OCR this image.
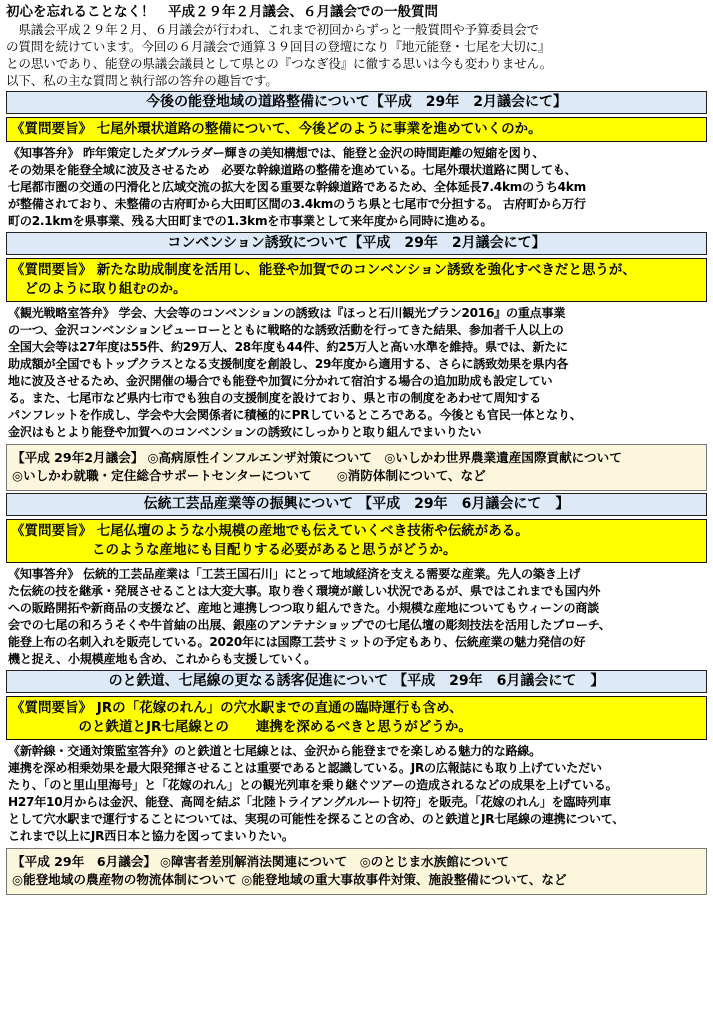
初心を忘れることなく！　平成２９年２月議会、６月議会での一般質問
　県議会平成２９年２月、６月議会が行われ、これまで初回からずっと一般質問や予算委員会で
の質問を続けています。今回の６月議会で通算３９回目の登壇になり『地元能登・七尾を大切に』
との思いであり、能登の県議会議員として県との『つなぎ役』に徹する思いは今も変わりません。
以下、私の主な質問と執行部の答弁の趣旨です。
今後の能登地域の道路整備について【平成　29年　2月議会にて】
《質問要旨》 七尾外環状道路の整備について、今後どのように事業を進めていくのか。
《知事答弁》 昨年策定したダブルラダー輝きの美知構想では、能登と金沢の時間距離の短縮を図り、
その効果を能登全域に波及させるため　必要な幹線道路の整備を進めている。七尾外環状道路に関しても、
七尾都市圏の交通の円滑化と広域交流の拡大を図る重要な幹線道路であるため、全体延長7.4kmのうち4km
が整備されており、未整備の古府町から大田町区間の3.4kmのうち県と七尾市で分担する。 古府町から万行
町の2.1kmを県事業、残る大田町までの1.3kmを市事業として来年度から同時に進める。
コンベンション誘致について【平成　29年　2月議会にて】
《質問要旨》 新たな助成制度を活用し、能登や加賀でのコンベンション誘致を強化すべきだと思うが、
　どのように取り組むのか。
《観光戦略室答弁》 学会、大会等のコンベンションの誘致は『ほっと石川観光プラン2016』の重点事業
の一つ、金沢コンベンションビューローとともに戦略的な誘致活動を行ってきた結果、参加者千人以上の
全国大会等は27年度は55件、約29万人、28年度も44件、約25万人と高い水準を維持。県では、新たに
助成額が全国でもトップクラスとなる支援制度を創設し、29年度から適用する、さらに誘致効果を県内各
地に波及させるため、金沢開催の場合でも能登や加賀に分かれて宿泊する場合の追加助成も設定してい
る。また、七尾市など県内七市でも独自の支援制度を設けており、県と市の制度をあわせて周知する
パンフレットを作成し、学会や大会関係者に積極的にPRしているところである。今後とも官民一体となり、
金沢はもとより能登や加賀へのコンベンションの誘致にしっかりと取り組んでまいりたい
【平成 29年2月議会】 ◎高病原性インフルエンザ対策について　◎いしかわ世界農業遺産国際貢献について
◎いしかわ就職・定住総合サポートセンターについて　　◎消防体制について、など
伝統工芸品産業等の振興について 【平成　29年　6月議会にて　】
《質問要旨》 七尾仏壇のような小規模の産地でも伝えていくべき技術や伝統がある。
　　　　　　このような産地にも目配りする必要があると思うがどうか。
《知事答弁》 伝統的工芸品産業は「工芸王国石川」にとって地域経済を支える需要な産業。先人の築き上げ
た伝統の技を継承・発展させることは大変大事。取り巻く環境が厳しい状況であるが、県ではこれまでも国内外
への販路開拓や新商品の支援など、産地と連携しつつ取り組んできた。小規模な産地についてもウィーンの商談
会での七尾の和ろうそくや牛首紬の出展、銀座のアンテナショップでの七尾仏壇の彫刻技法を活用したブローチ、
能登上布の名刺入れを販売している。2020年には国際工芸サミットの予定もあり、伝統産業の魅力発信の好
機と捉え、小規模産地も含め、これからも支援していく。
のと鉄道、七尾線の更なる誘客促進について 【平成　29年　6月議会にて　】
《質問要旨》 JRの「花嫁のれん」の穴水駅までの直通の臨時運行も含め、
　　　　　のと鉄道とJR七尾線との　　連携を深めるべきと思うがどうか。
《新幹線・交通対策監室答弁》のと鉄道と七尾線とは、金沢から能登までを楽しめる魅力的な路線。
連携を深め相乗効果を最大限発揮させることは重要であると認識している。JRの広報誌にも取り上げていただい
たり、「のと里山里海号」と「花嫁のれん」との観光列車を乗り継ぐツアーの造成されるなどの成果を上げている。
H27年10月からは金沢、能登、高岡を結ぶ「北陸トライアングルルート切符」を販売。「花嫁のれん」を臨時列車
として穴水駅まで運行することについては、実現の可能性を探ることの含め、のと鉄道とJR七尾線の連携について、
これまで以上にJR西日本と協力を図ってまいりたい。
【平成 29年　6月議会】 ◎障害者差別解消法関連について　◎のとじま水族館について
◎能登地域の農産物の物流体制について ◎能登地域の重大事故事件対策、施設整備について、など
